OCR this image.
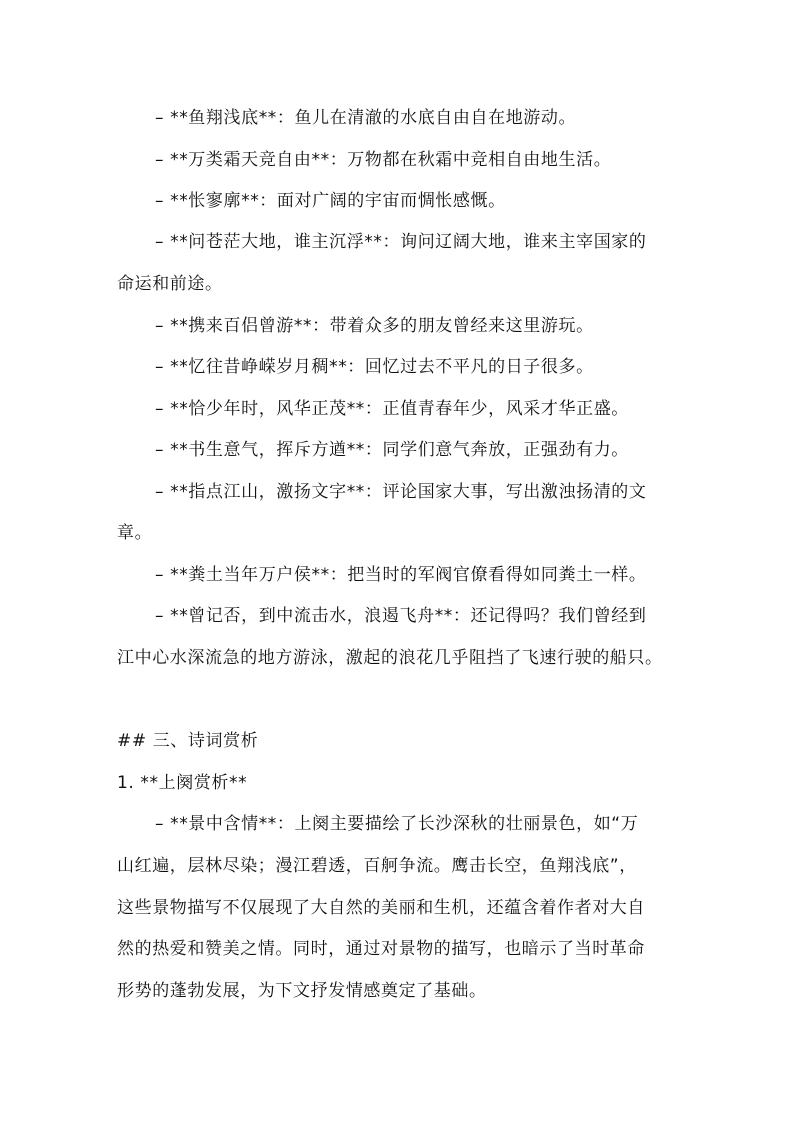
– **鱼翔浅底**：鱼儿在清澈的水底自由自在地游动。
– **万类霜天竞自由**：万物都在秋霜中竞相自由地生活。
– **怅寥廓**：面对广阔的宇宙而惆怅感慨。
– **问苍茫大地，谁主沉浮**：询问辽阔大地，谁来主宰国家的
命运和前途。
– **携来百侣曾游**：带着众多的朋友曾经来这里游玩。
– **忆往昔峥嵘岁月稠**：回忆过去不平凡的日子很多。
– **恰少年时，风华正茂**：正值青春年少，风采才华正盛。
– **书生意气，挥斥方遒**：同学们意气奔放，正强劲有力。
– **指点江山，激扬文字**：评论国家大事，写出激浊扬清的文
章。
– **粪土当年万户侯**：把当时的军阀官僚看得如同粪土一样。
– **曾记否，到中流击水，浪遏飞舟**：还记得吗？我们曾经到
江中心水深流急的地方游泳，激起的浪花几乎阻挡了飞速行驶的船只。
## 三、诗词赏析
1. **上阕赏析**
– **景中含情**：上阕主要描绘了长沙深秋的壮丽景色，如“万
山红遍，层林尽染；漫江碧透，百舸争流。鹰击长空，鱼翔浅底”，
这些景物描写不仅展现了大自然的美丽和生机，还蕴含着作者对大自
然的热爱和赞美之情。同时，通过对景物的描写，也暗示了当时革命
形势的蓬勃发展，为下文抒发情感奠定了基础。
